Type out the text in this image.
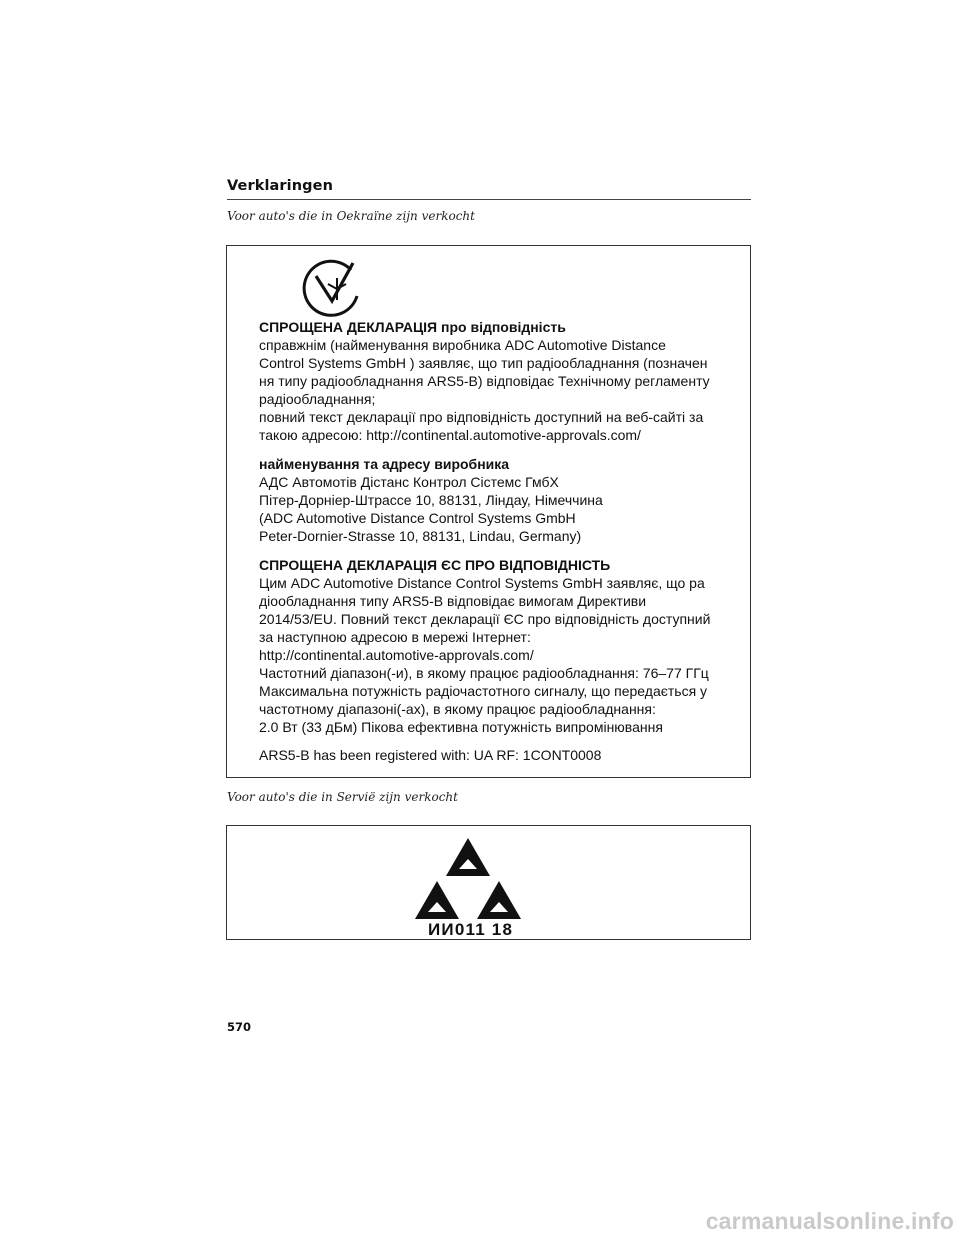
Verklaringen
Voor auto's die in Oekraïne zijn verkocht
СПРОЩЕНА ДЕКЛАРАЦІЯ про відповідність
справжнім (найменування виробника ADC Automotive Distance
Control Systems GmbH ) заявляє, що тип радіообладнання (позначен
ня типу радіообладнання ARS5-B) відповідає Технічному регламенту
радіообладнання;
повний текст декларації про відповідність доступний на веб-сайті за
такою адресою: http://continental.automotive-approvals.com/
найменування та адресу виробника
АДС Автомотів Дістанс Контрол Сістемс ГмбХ
Пітер-Дорніер-Штрассе 10, 88131, Ліндау, Німеччина
(ADC Automotive Distance Control Systems GmbH
Peter-Dornier-Strasse 10, 88131, Lindau, Germany)
СПРОЩЕНА ДЕКЛАРАЦІЯ ЄС ПРО ВІДПОВІДНІСТЬ
Цим ADC Automotive Distance Control Systems GmbH заявляє, що ра
діообладнання типу ARS5-B відповідає вимогам Директиви
2014/53/EU. Повний текст декларації ЄС про відповідність доступний
за наступною адресою в мережі Інтернет:
http://continental.automotive-approvals.com/
Частотний діапазон(-и), в якому працює радіообладнання: 76–77 ГГц
Максимальна потужність радіочастотного сигналу, що передається у
частотному діапазоні(-ах), в якому працює радіообладнання:
2.0 Вт (33 дБм) Пікова ефективна потужність випромінювання
ARS5-B has been registered with: UA RF: 1CONT0008
Voor auto's die in Servië zijn verkocht
ИИ011 18
570
carmanualsonline.info
